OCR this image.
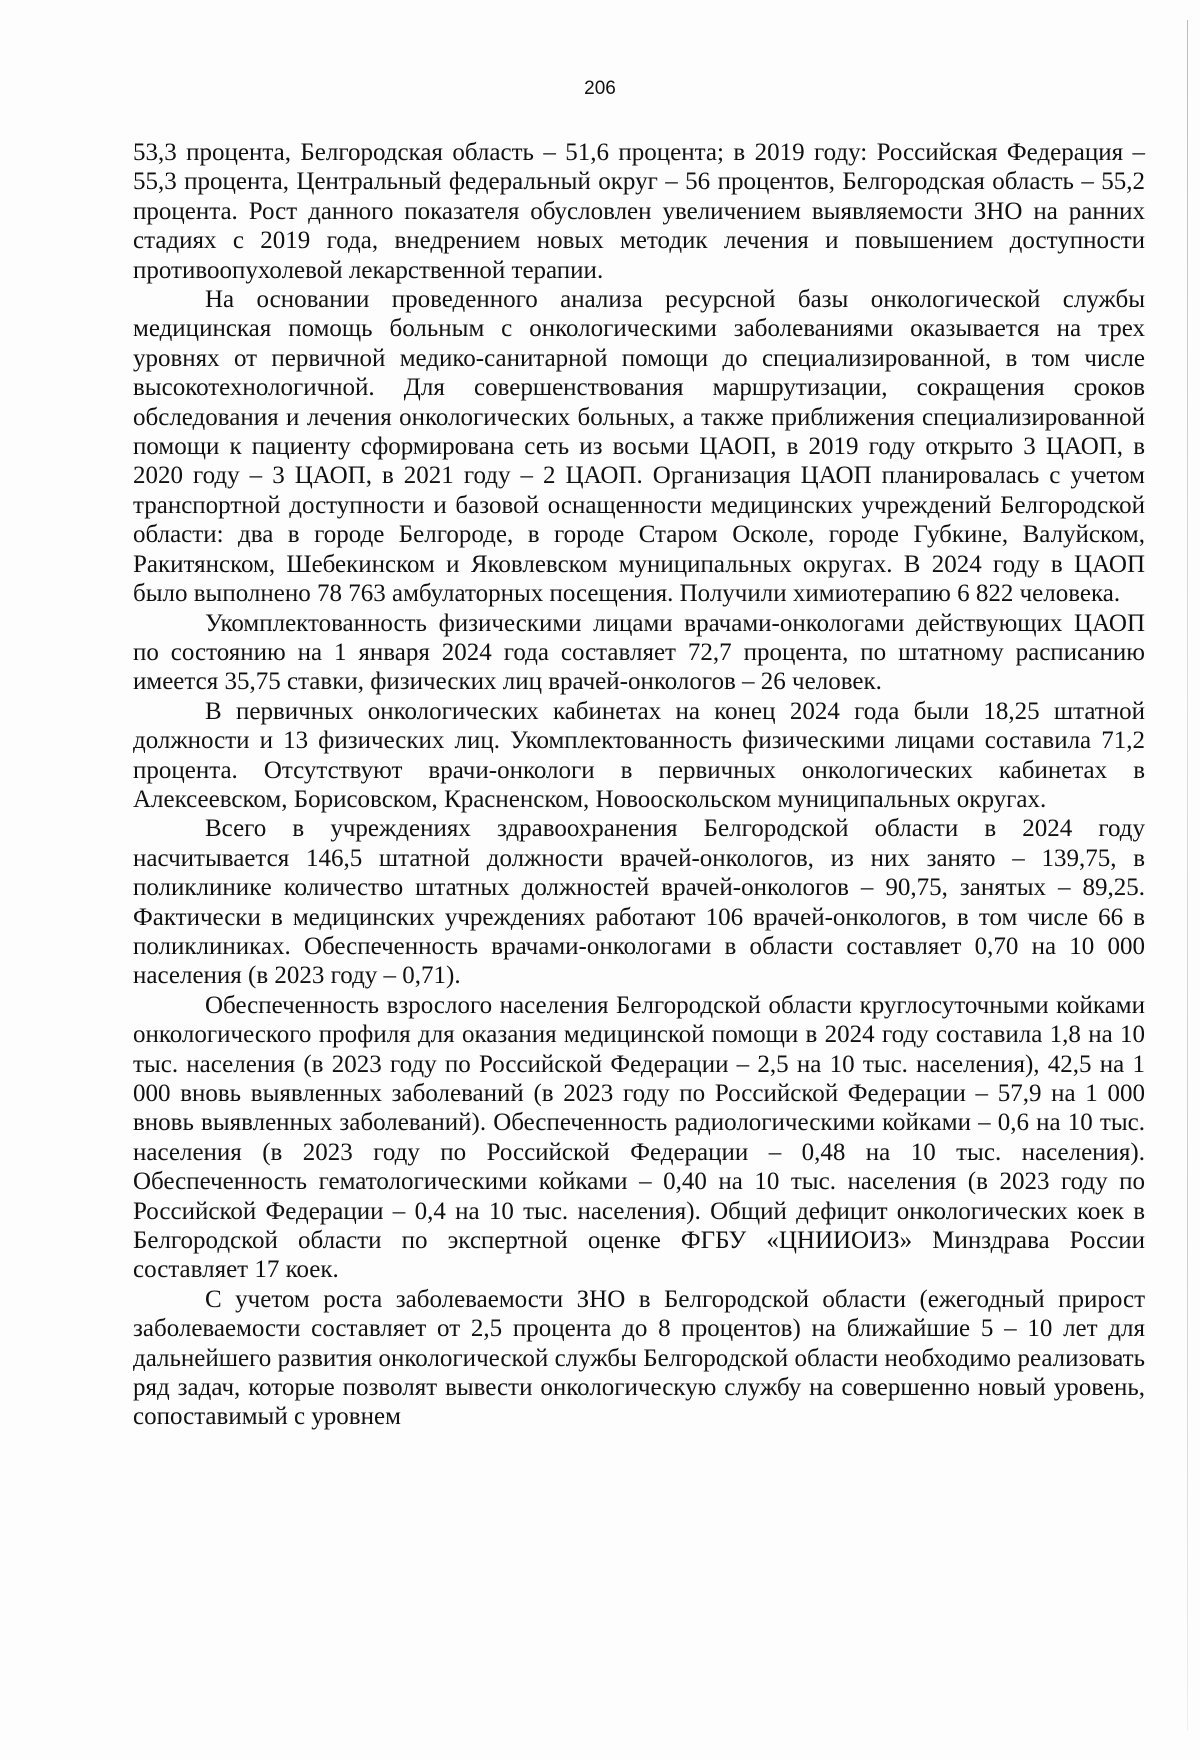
206

53,3 процента, Белгородская область – 51,6 процента; в 2019 году: Российская Федерация – 55,3 процента, Центральный федеральный округ – 56 процентов, Белгородская область – 55,2 процента. Рост данного показателя обусловлен увеличением выявляемости ЗНО на ранних стадиях с 2019 года, внедрением новых методик лечения и повышением доступности противоопухолевой лекарственной терапии.

На основании проведенного анализа ресурсной базы онкологической службы медицинская помощь больным с онкологическими заболеваниями оказывается на трех уровнях от первичной медико-санитарной помощи до специализированной, в том числе высокотехнологичной. Для совершенствования маршрутизации, сокращения сроков обследования и лечения онкологических больных, а также приближения специализированной помощи к пациенту сформирована сеть из восьми ЦАОП, в 2019 году открыто 3 ЦАОП, в 2020 году – 3 ЦАОП, в 2021 году – 2 ЦАОП. Организация ЦАОП планировалась с учетом транспортной доступности и базовой оснащенности медицинских учреждений Белгородской области: два в городе Белгороде, в городе Старом Осколе, городе Губкине, Валуйском, Ракитянском, Шебекинском и Яковлевском муниципальных округах. В 2024 году в ЦАОП было выполнено 78 763 амбулаторных посещения. Получили химиотерапию 6 822 человека.

Укомплектованность физическими лицами врачами-онкологами действующих ЦАОП по состоянию на 1 января 2024 года составляет 72,7 процента, по штатному расписанию имеется 35,75 ставки, физических лиц врачей-онкологов – 26 человек.

В первичных онкологических кабинетах на конец 2024 года были 18,25 штатной должности и 13 физических лиц. Укомплектованность физическими лицами составила 71,2 процента. Отсутствуют врачи-онкологи в первичных онкологических кабинетах в Алексеевском, Борисовском, Красненском, Новооскольском муниципальных округах.

Всего в учреждениях здравоохранения Белгородской области в 2024 году насчитывается 146,5 штатной должности врачей-онкологов, из них занято – 139,75, в поликлинике количество штатных должностей врачей-онкологов – 90,75, занятых – 89,25. Фактически в медицинских учреждениях работают 106 врачей-онкологов, в том числе 66 в поликлиниках. Обеспеченность врачами-онкологами в области составляет 0,70 на 10 000 населения (в 2023 году – 0,71).

Обеспеченность взрослого населения Белгородской области круглосуточными койками онкологического профиля для оказания медицинской помощи в 2024 году составила 1,8 на 10 тыс. населения (в 2023 году по Российской Федерации – 2,5 на 10 тыс. населения), 42,5 на 1 000 вновь выявленных заболеваний (в 2023 году по Российской Федерации – 57,9 на 1 000 вновь выявленных заболеваний). Обеспеченность радиологическими койками – 0,6 на 10 тыс. населения (в 2023 году по Российской Федерации – 0,48 на 10 тыс. населения). Обеспеченность гематологическими койками – 0,40 на 10 тыс. населения (в 2023 году по Российской Федерации – 0,4 на 10 тыс. населения). Общий дефицит онкологических коек в Белгородской области по экспертной оценке ФГБУ «ЦНИИОИЗ» Минздрава России составляет 17 коек.

С учетом роста заболеваемости ЗНО в Белгородской области (ежегодный прирост заболеваемости составляет от 2,5 процента до 8 процентов) на ближайшие 5 – 10 лет для дальнейшего развития онкологической службы Белгородской области необходимо реализовать ряд задач, которые позволят вывести онкологическую службу на совершенно новый уровень, сопоставимый с уровнем
